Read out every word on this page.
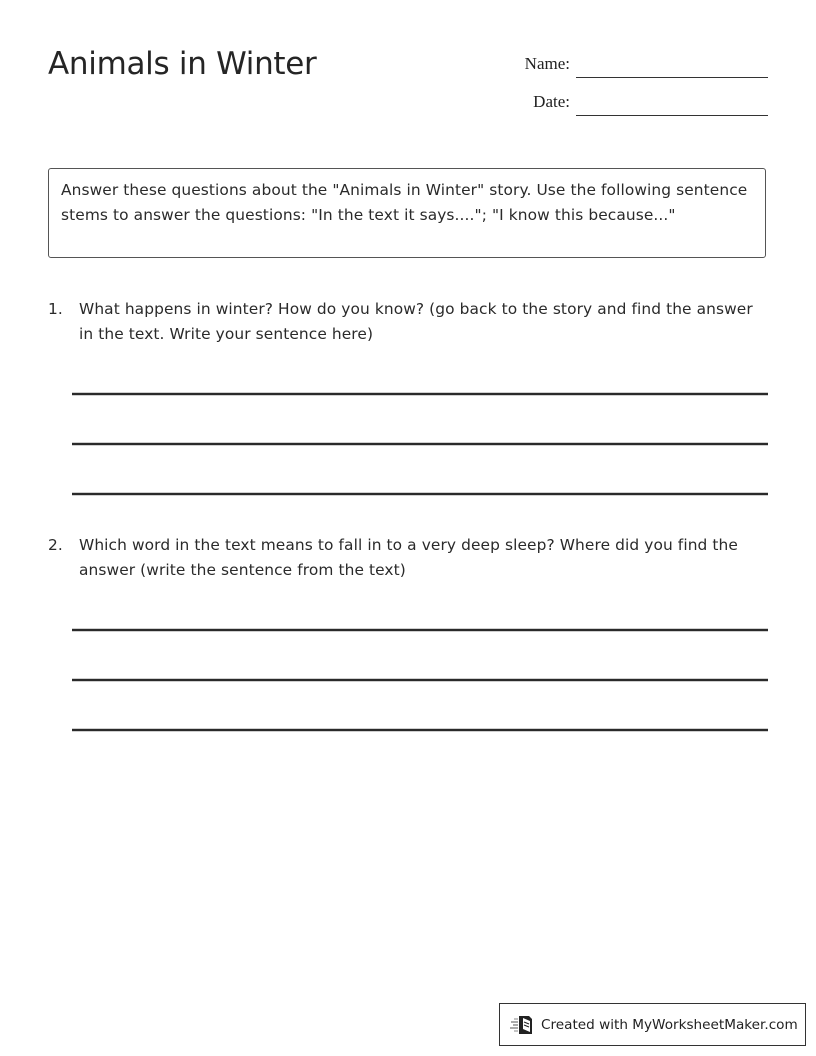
Animals in Winter	Name:
Date:
Answer these questions about the "Animals in Winter" story. Use the following sentence stems to answer the questions: "In the text it says...."; "I know this because..."
1.	What happens in winter? How do you know? (go back to the story and find the answer in the text. Write your sentence here)
2.	Which word in the text means to fall in to a very deep sleep? Where did you find the answer (write the sentence from the text)
Created with MyWorksheetMaker.com
